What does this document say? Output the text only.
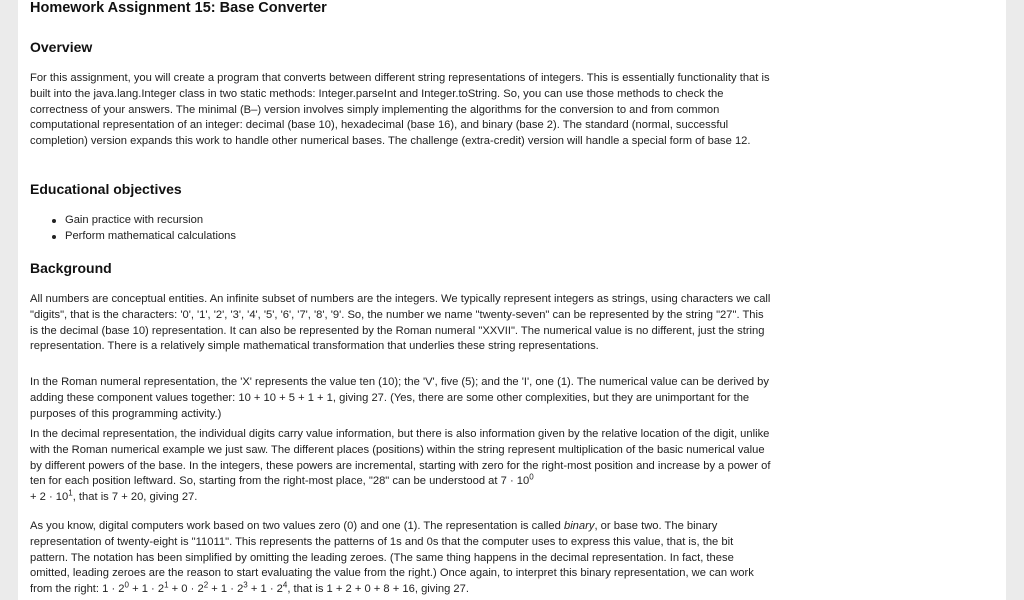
Homework Assignment 15: Base Converter
Overview

For this assignment, you will create a program that converts between different string representations of integers. This is essentially functionality that is built into the java.lang.Integer class in two static methods: Integer.parseInt and Integer.toString. So, you can use those methods to check the correctness of your answers. The minimal (B–) version involves simply implementing the algorithms for the conversion to and from common computational representation of an integer: decimal (base 10), hexadecimal (base 16), and binary (base 2). The standard (normal, successful completion) version expands this work to handle other numerical bases. The challenge (extra-credit) version will handle a special form of base 12.

Educational objectives
Gain practice with recursion
Perform mathematical calculations
Background

All numbers are conceptual entities. An infinite subset of numbers are the integers. We typically represent integers as strings, using characters we call "digits", that is the characters: '0', '1', '2', '3', '4', '5', '6', '7', '8', '9'. So, the number we name "twenty-seven" can be represented by the string "27". This is the decimal (base 10) representation. It can also be represented by the Roman numeral "XXVII". The numerical value is no different, just the string representation. There is a relatively simple mathematical transformation that underlies these string representations.

In the Roman numeral representation, the 'X' represents the value ten (10); the 'V', five (5); and the 'I', one (1). The numerical value can be derived by adding these component values together: 10 + 10 + 5 + 1 + 1, giving 27. (Yes, there are some other complexities, but they are unimportant for the purposes of this programming activity.)

In the decimal representation, the individual digits carry value information, but there is also information given by the relative location of the digit, unlike with the Roman numerical example we just saw. The different places (positions) within the string represent multiplication of the basic numerical value by different powers of the base. In the integers, these powers are incremental, starting with zero for the right-most position and increase by a power of ten for each position leftward. So, starting from the right-most place, "28" can be understood at $7 \cdot 10^0$
+ $2 \cdot 10^1$, that is 7 + 20, giving 27.

As you know, digital computers work based on two values zero (0) and one (1). The representation is called binary, or base two. The binary representation of twenty-eight is "11011". This represents the patterns of 1s and 0s that the computer uses to express this value, that is, the bit pattern. The notation has been simplified by omitting the leading zeroes. (The same thing happens in the decimal representation. In fact, these omitted, leading zeroes are the reason to start evaluating the value from the right.) Once again, to interpret this binary representation, we can work from the right: $1 \cdot 2^0 + 1 \cdot 2^1 + 0 \cdot 2^2 + 1 \cdot 2^3 + 1 \cdot 2^4$, that is 1 + 2 + 0 + 8 + 16, giving 27.
